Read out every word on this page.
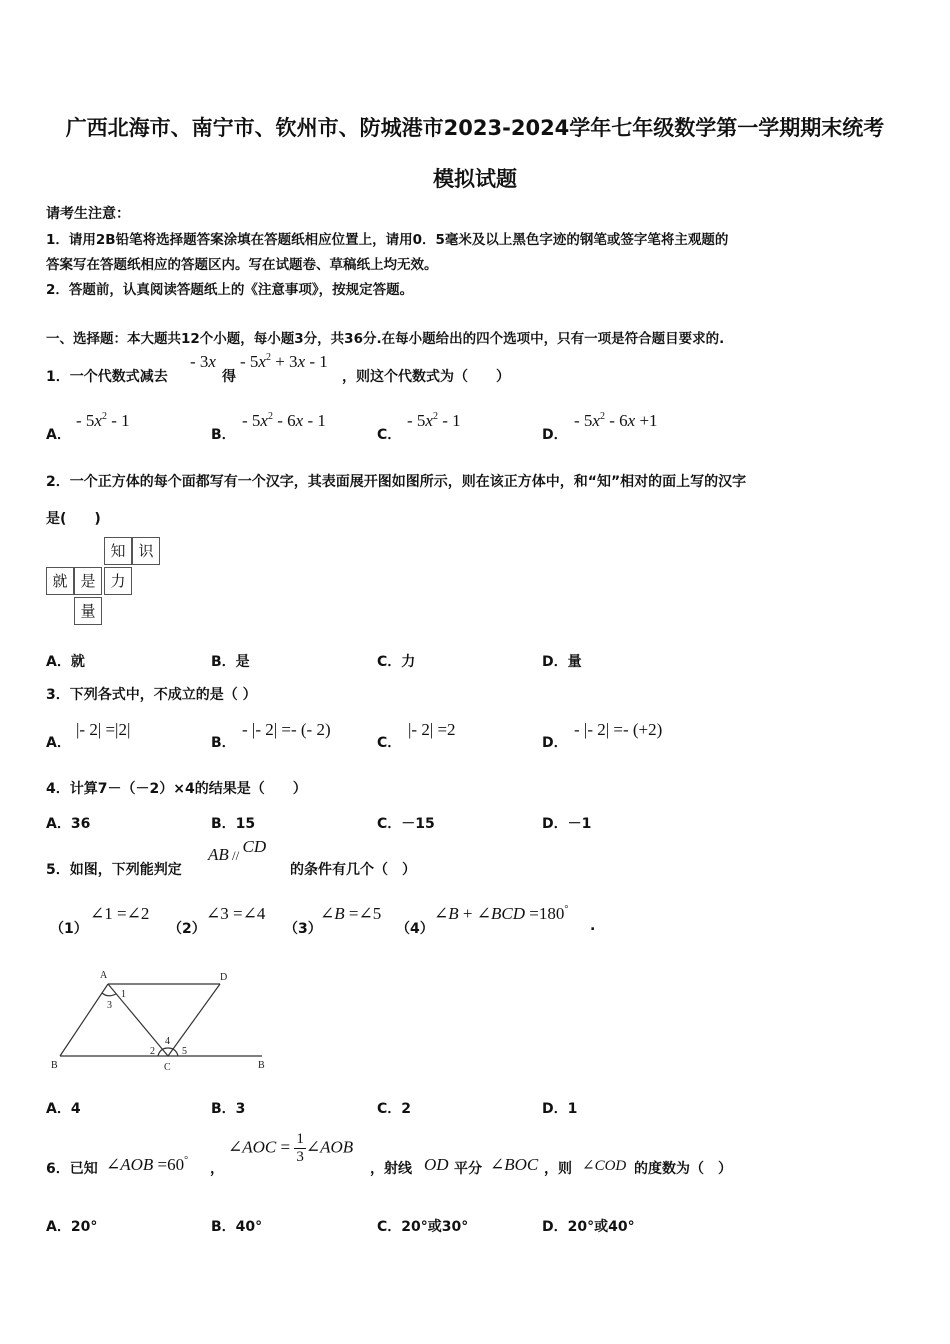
广西北海市、南宁市、钦州市、防城港市2023-2024学年七年级数学第一学期期末统考
模拟试题
请考生注意：
1．请用2B铅笔将选择题答案涂填在答题纸相应位置上，请用0．5毫米及以上黑色字迹的钢笔或签字笔将主观题的
答案写在答题纸相应的答题区内。写在试题卷、草稿纸上均无效。
2．答题前，认真阅读答题纸上的《注意事项》，按规定答题。
一、选择题：本大题共12个小题，每小题3分，共36分.在每小题给出的四个选项中，只有一项是符合题目要求的.
1．一个代数式减去
- 3x
得
- $5x^2 + 3x - 1$
，则这个代数式为（　　）
A．
- $5x^2 - 1$
B．
- $5x^2 - 6x - 1$
C．
- $5x^2 - 1$
D．
- $5x^2 - 6x +1$
2．一个正方体的每个面都写有一个汉字，其表面展开图如图所示，则在该正方体中，和“知”相对的面上写的汉字
是(　　)
知 识
就 是 力
量
A．就	B．是	C．力	D．量
3．下列各式中，不成立的是（ ）
A．
|- 2| =|2|
B．
- |- 2| =- (- 2)
C．
|- 2| =2
D．
- |- 2| =- (+2)
4．计算7－（－2）×4的结果是（　　）
A．36	B．15	C．－15	D．－1
5．如图，下列能判定
AB // CD
的条件有几个（　）
（1）
∠1 =∠2
（2）
∠3 =∠4
（3）
∠B =∠5
（4）
∠B + ∠BCD =180°
.
A	D
B	C	B
1
3
2
4
5
A．4	B．3	C．2	D．1
6．已知 ∠AOB =60°
，
∠AOC = $\frac{1}{3}$ ∠AOB
，射线 OD 平分 ∠BOC ，则 ∠COD 的度数为（　）
A．20°	B．40°	C．20°或30°	D．20°或40°
